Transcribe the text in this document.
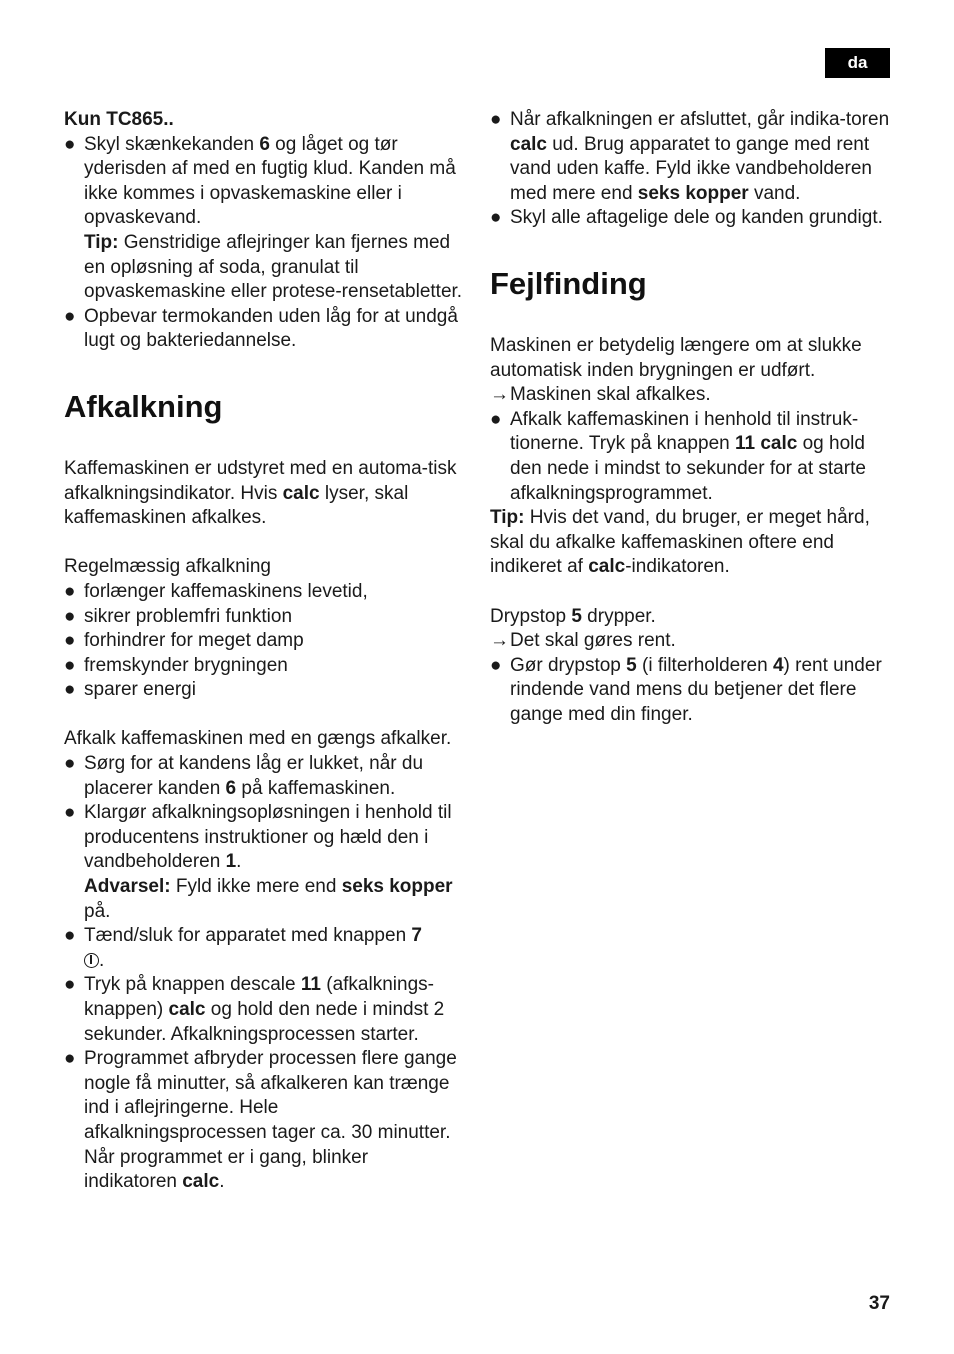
da

Kun TC865..

● Skyl skænkekanden 6 og låget og tør yderisden af med en fugtig klud. Kanden må ikke kommes i opvaskemaskine eller i opvaskevand.

Tip: Genstridige aflejringer kan fjernes med en opløsning af soda, granulat til opvaskemaskine eller protese-rensetabletter.

● Opbevar termokanden uden låg for at undgå lugt og bakteriedannelse.
Afkalkning

Kaffemaskinen er udstyret med en automa-tisk afkalkningsindikator. Hvis calc lyser, skal kaffemaskinen afkalkes.

Regelmæssig afkalkning

● forlænger kaffemaskinens levetid,
● sikrer problemfri funktion
● forhindrer for meget damp
● fremskynder brygningen
● sparer energi

Afkalk kaffemaskinen med en gængs afkalker.

● Sørg for at kandens låg er lukket, når du placerer kanden 6 på kaffemaskinen.
● Klargør afkalkningsopløsningen i henhold til producentens instruktioner og hæld den i vandbeholderen 1.

Advarsel: Fyld ikke mere end seks kopper på.

● Tænd/sluk for apparatet med knappen 7
.
● Tryk på knappen descale 11 (afkalknings-knappen) calc og hold den nede i mindst 2 sekunder. Afkalkningsprocessen starter.
● Programmet afbryder processen flere gange nogle få minutter, så afkalkeren kan trænge ind i aflejringerne. Hele afkalkningsprocessen tager ca. 30 minutter. Når programmet er i gang, blinker indikatoren calc.
● Når afkalkningen er afsluttet, går indika-toren calc ud. Brug apparatet to gange med rent vand uden kaffe. Fyld ikke vandbeholderen med mere end seks kopper vand.
● Skyl alle aftagelige dele og kanden grundigt.
Fejlfinding

Maskinen er betydelig længere om at slukke automatisk inden brygningen er udført.

→ Maskinen skal afkalkes.
● Afkalk kaffemaskinen i henhold til instruk-tionerne. Tryk på knappen 11 calc og hold den nede i mindst to sekunder for at starte afkalkningsprogrammet.

Tip: Hvis det vand, du bruger, er meget hård, skal du afkalke kaffemaskinen oftere end indikeret af calc-indikatoren.

Drypstop 5 drypper.

→ Det skal gøres rent.
● Gør drypstop 5 (i filterholderen 4) rent under rindende vand mens du betjener det flere gange med din finger.
37
